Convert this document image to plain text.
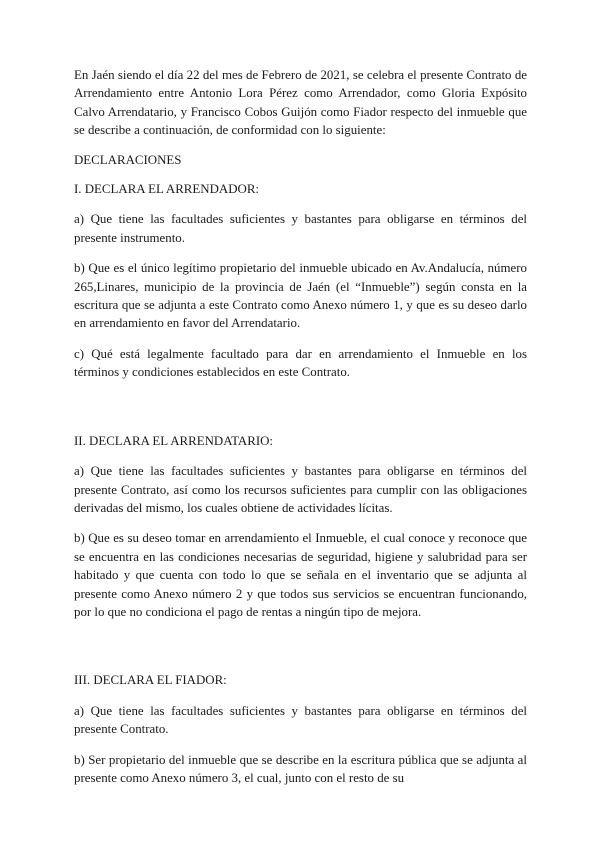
En Jaén siendo el día 22 del mes de Febrero de 2021, se celebra el presente Contrato de Arrendamiento entre Antonio Lora Pérez como Arrendador, como Gloria Expósito Calvo Arrendatario, y Francisco Cobos Guijón como Fiador respecto del inmueble que se describe a continuación, de conformidad con lo siguiente:

DECLARACIONES

I. DECLARA EL ARRENDADOR:

a) Que tiene las facultades suficientes y bastantes para obligarse en términos del presente instrumento.

b) Que es el único legítimo propietario del inmueble ubicado en Av.Andalucía, número 265,Linares, municipio de la provincia de Jaén (el “Inmueble”) según consta en la escritura que se adjunta a este Contrato como Anexo número 1, y que es su deseo darlo en arrendamiento en favor del Arrendatario.

c) Qué está legalmente facultado para dar en arrendamiento el Inmueble en los términos y condiciones establecidos en este Contrato.

II. DECLARA EL ARRENDATARIO:

a) Que tiene las facultades suficientes y bastantes para obligarse en términos del presente Contrato, así como los recursos suficientes para cumplir con las obligaciones derivadas del mismo, los cuales obtiene de actividades lícitas.

b) Que es su deseo tomar en arrendamiento el Inmueble, el cual conoce y reconoce que se encuentra en las condiciones necesarias de seguridad, higiene y salubridad para ser habitado y que cuenta con todo lo que se señala en el inventario que se adjunta al presente como Anexo número 2 y que todos sus servicios se encuentran funcionando, por lo que no condiciona el pago de rentas a ningún tipo de mejora.

III. DECLARA EL FIADOR:

a) Que tiene las facultades suficientes y bastantes para obligarse en términos del presente Contrato.

b) Ser propietario del inmueble que se describe en la escritura pública que se adjunta al presente como Anexo número 3, el cual, junto con el resto de su
